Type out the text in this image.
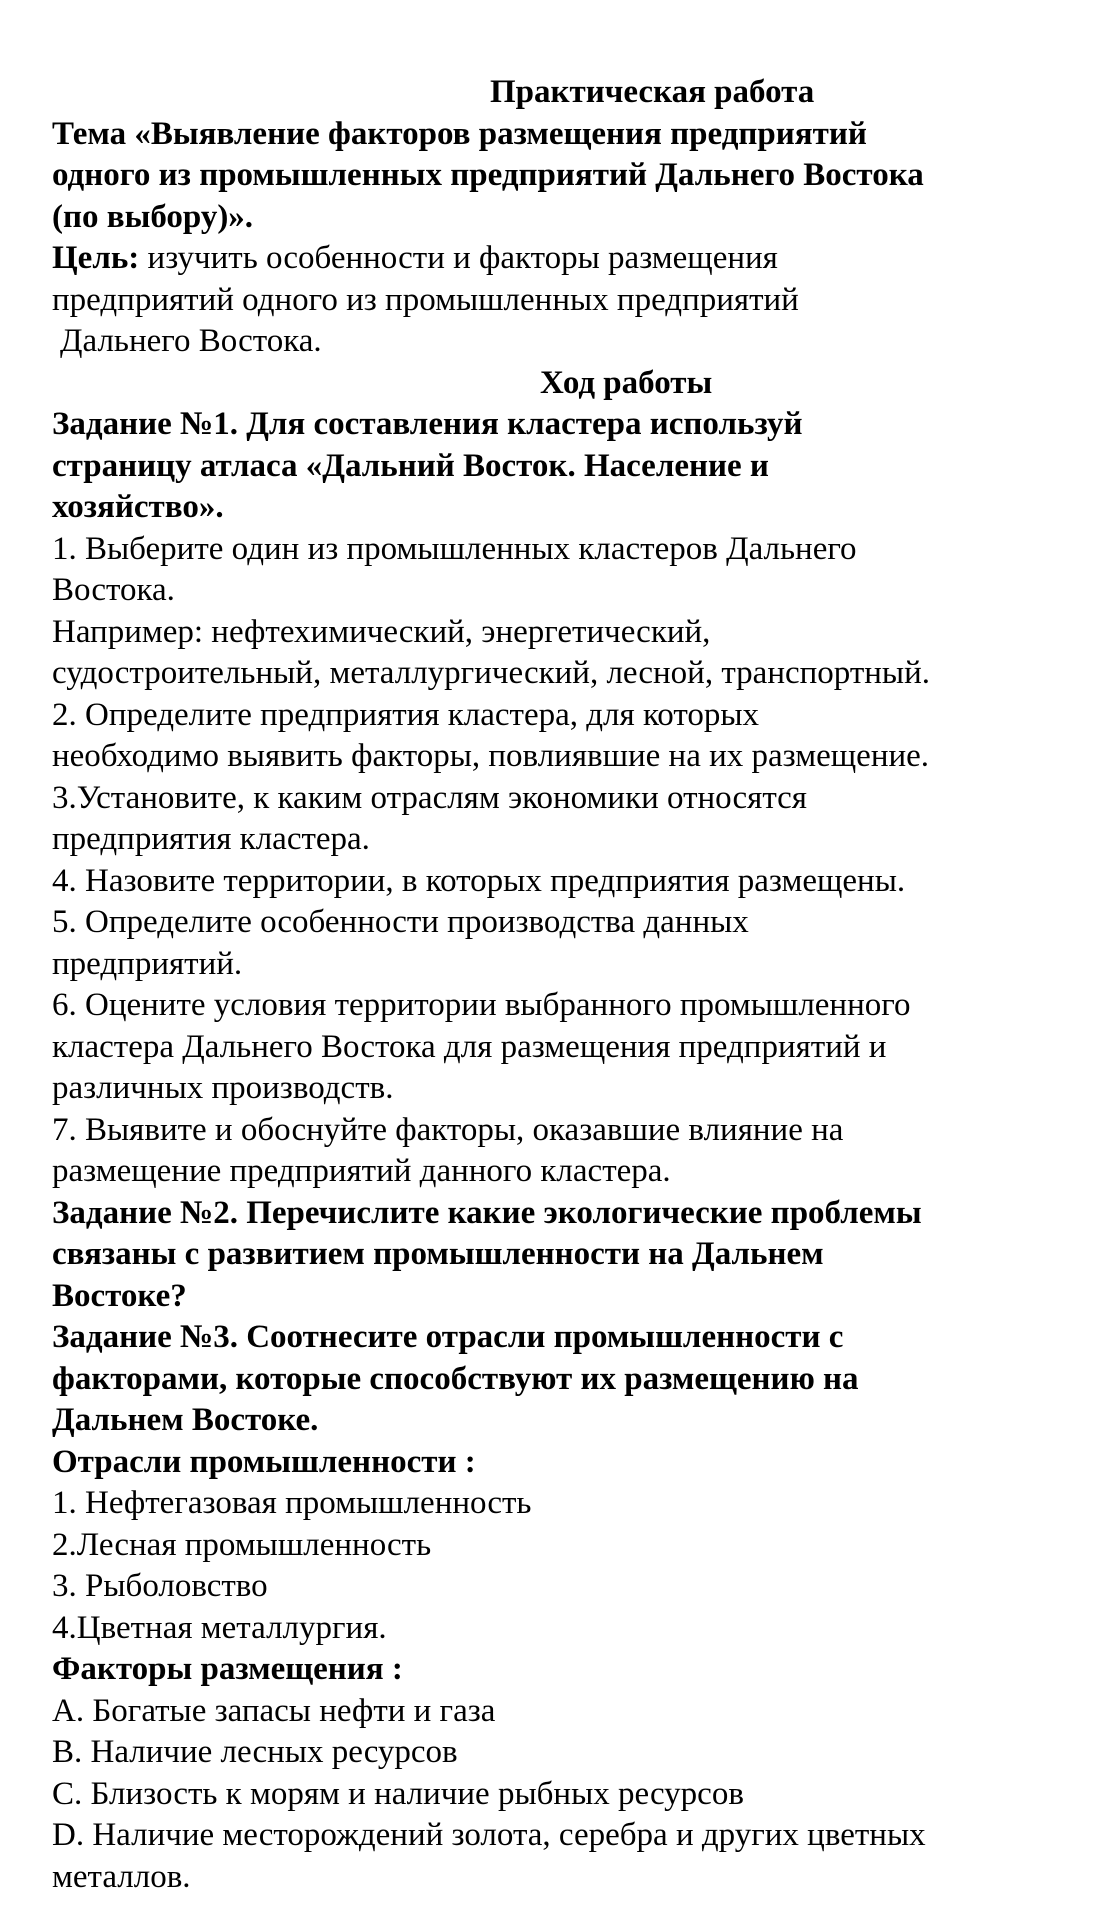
Практическая работа
Тема «Выявление факторов размещения предприятий
одного из промышленных предприятий Дальнего Востока
(по выбору)».
Цель: изучить особенности и факторы размещения
предприятий одного из промышленных предприятий
Дальнего Востока.
Ход работы
Задание №1. Для составления кластера используй
страницу атласа «Дальний Восток. Население и
хозяйство».
1. Выберите один из промышленных кластеров Дальнего
Востока.
Например: нефтехимический, энергетический,
судостроительный, металлургический, лесной, транспортный.
2. Определите предприятия кластера, для которых
необходимо выявить факторы, повлиявшие на их размещение.
3.Установите, к каким отраслям экономики относятся
предприятия кластера.
4. Назовите территории, в которых предприятия размещены.
5. Определите особенности производства данных
предприятий.
6. Оцените условия территории выбранного промышленного
кластера Дальнего Востока для размещения предприятий и
различных производств.
7. Выявите и обоснуйте факторы, оказавшие влияние на
размещение предприятий данного кластера.
Задание №2. Перечислите какие экологические проблемы
связаны с развитием промышленности на Дальнем
Востоке?
Задание №3. Соотнесите отрасли промышленности с
факторами, которые способствуют их размещению на
Дальнем Востоке.
Отрасли промышленности :
1. Нефтегазовая промышленность
2.Лесная промышленность
3. Рыболовство
4.Цветная металлургия.
Факторы размещения :
A. Богатые запасы нефти и газа
B. Наличие лесных ресурсов
C. Близость к морям и наличие рыбных ресурсов
D. Наличие месторождений золота, серебра и других цветных
металлов.
